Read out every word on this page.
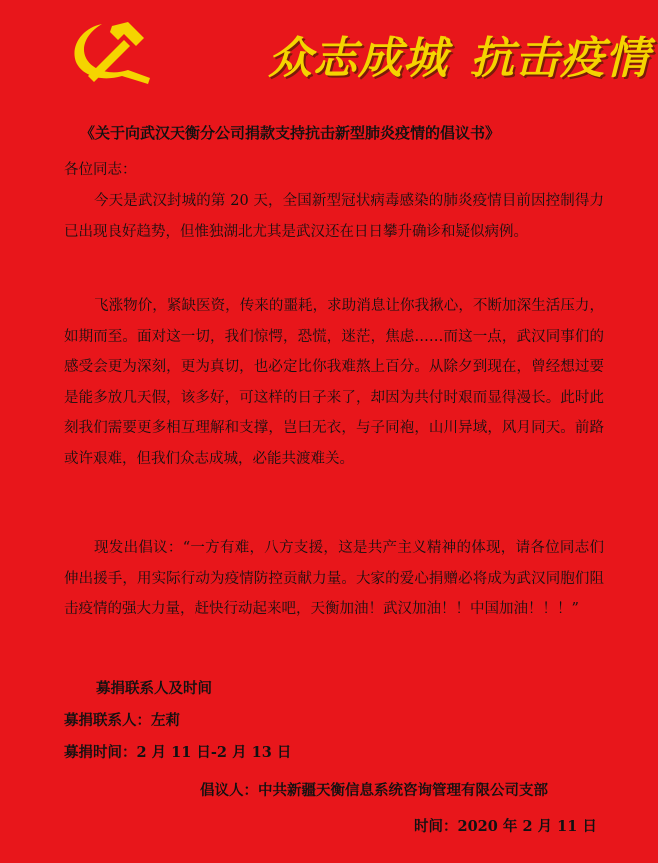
众志成城 抗击疫情
《关于向武汉天衡分公司捐款支持抗击新型肺炎疫情的倡议书》
各位同志：
今天是武汉封城的第 20 天，全国新型冠状病毒感染的肺炎疫情目前因控制得力已出现良好趋势，但惟独湖北尤其是武汉还在日日攀升确诊和疑似病例。
飞涨物价，紧缺医资，传来的噩耗，求助消息让你我揪心，不断加深生活压力，如期而至。面对这一切，我们惊愕，恐慌，迷茫，焦虑……而这一点，武汉同事们的感受会更为深刻，更为真切，也必定比你我难熬上百分。从除夕到现在，曾经想过要是能多放几天假，该多好，可这样的日子来了，却因为共付时艰而显得漫长。此时此刻我们需要更多相互理解和支撑，岂曰无衣，与子同袍，山川异域，风月同天。前路或许艰难，但我们众志成城，必能共渡难关。
现发出倡议：“一方有难，八方支援，这是共产主义精神的体现，请各位同志们伸出援手，用实际行动为疫情防控贡献力量。大家的爱心捐赠必将成为武汉同胞们阻击疫情的强大力量，赶快行动起来吧，天衡加油！武汉加油！！中国加油！！！”
募捐联系人及时间
募捐联系人：左莉
募捐时间：2 月 11 日-2 月 13 日
倡议人：中共新疆天衡信息系统咨询管理有限公司支部
时间：2020 年 2 月 11 日
